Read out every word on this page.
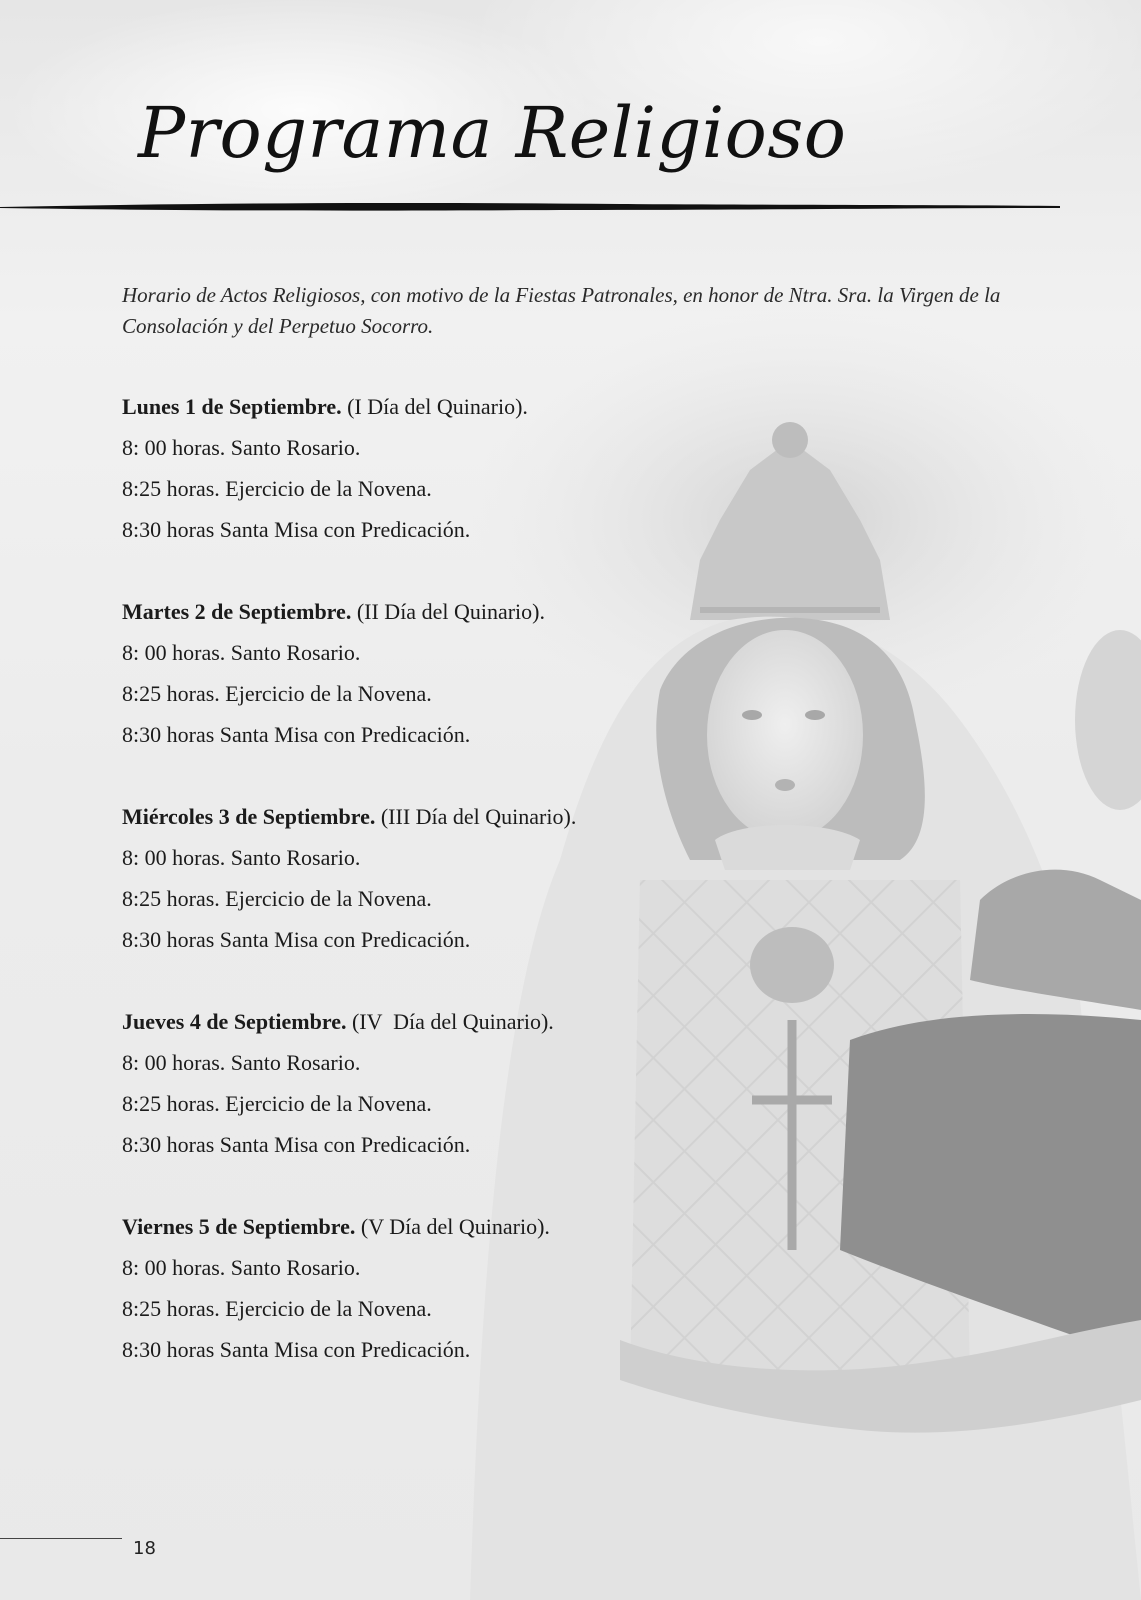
Programa Religioso

Horario de Actos Religiosos, con motivo de la Fiestas Patronales, en honor de Ntra. Sra. la Virgen de la Consolación y del Perpetuo Socorro.

Lunes 1 de Septiembre. (I Día del Quinario).

8: 00 horas. Santo Rosario.

8:25 horas. Ejercicio de la Novena.

8:30 horas Santa Misa con Predicación.

Martes 2 de Septiembre. (II Día del Quinario).

8: 00 horas. Santo Rosario.

8:25 horas. Ejercicio de la Novena.

8:30 horas Santa Misa con Predicación.

Miércoles 3 de Septiembre. (III Día del Quinario).

8: 00 horas. Santo Rosario.

8:25 horas. Ejercicio de la Novena.

8:30 horas Santa Misa con Predicación.

Jueves 4 de Septiembre. (IV  Día del Quinario).

8: 00 horas. Santo Rosario.

8:25 horas. Ejercicio de la Novena.

8:30 horas Santa Misa con Predicación.

Viernes 5 de Septiembre. (V Día del Quinario).

8: 00 horas. Santo Rosario.

8:25 horas. Ejercicio de la Novena.

8:30 horas Santa Misa con Predicación.

18
